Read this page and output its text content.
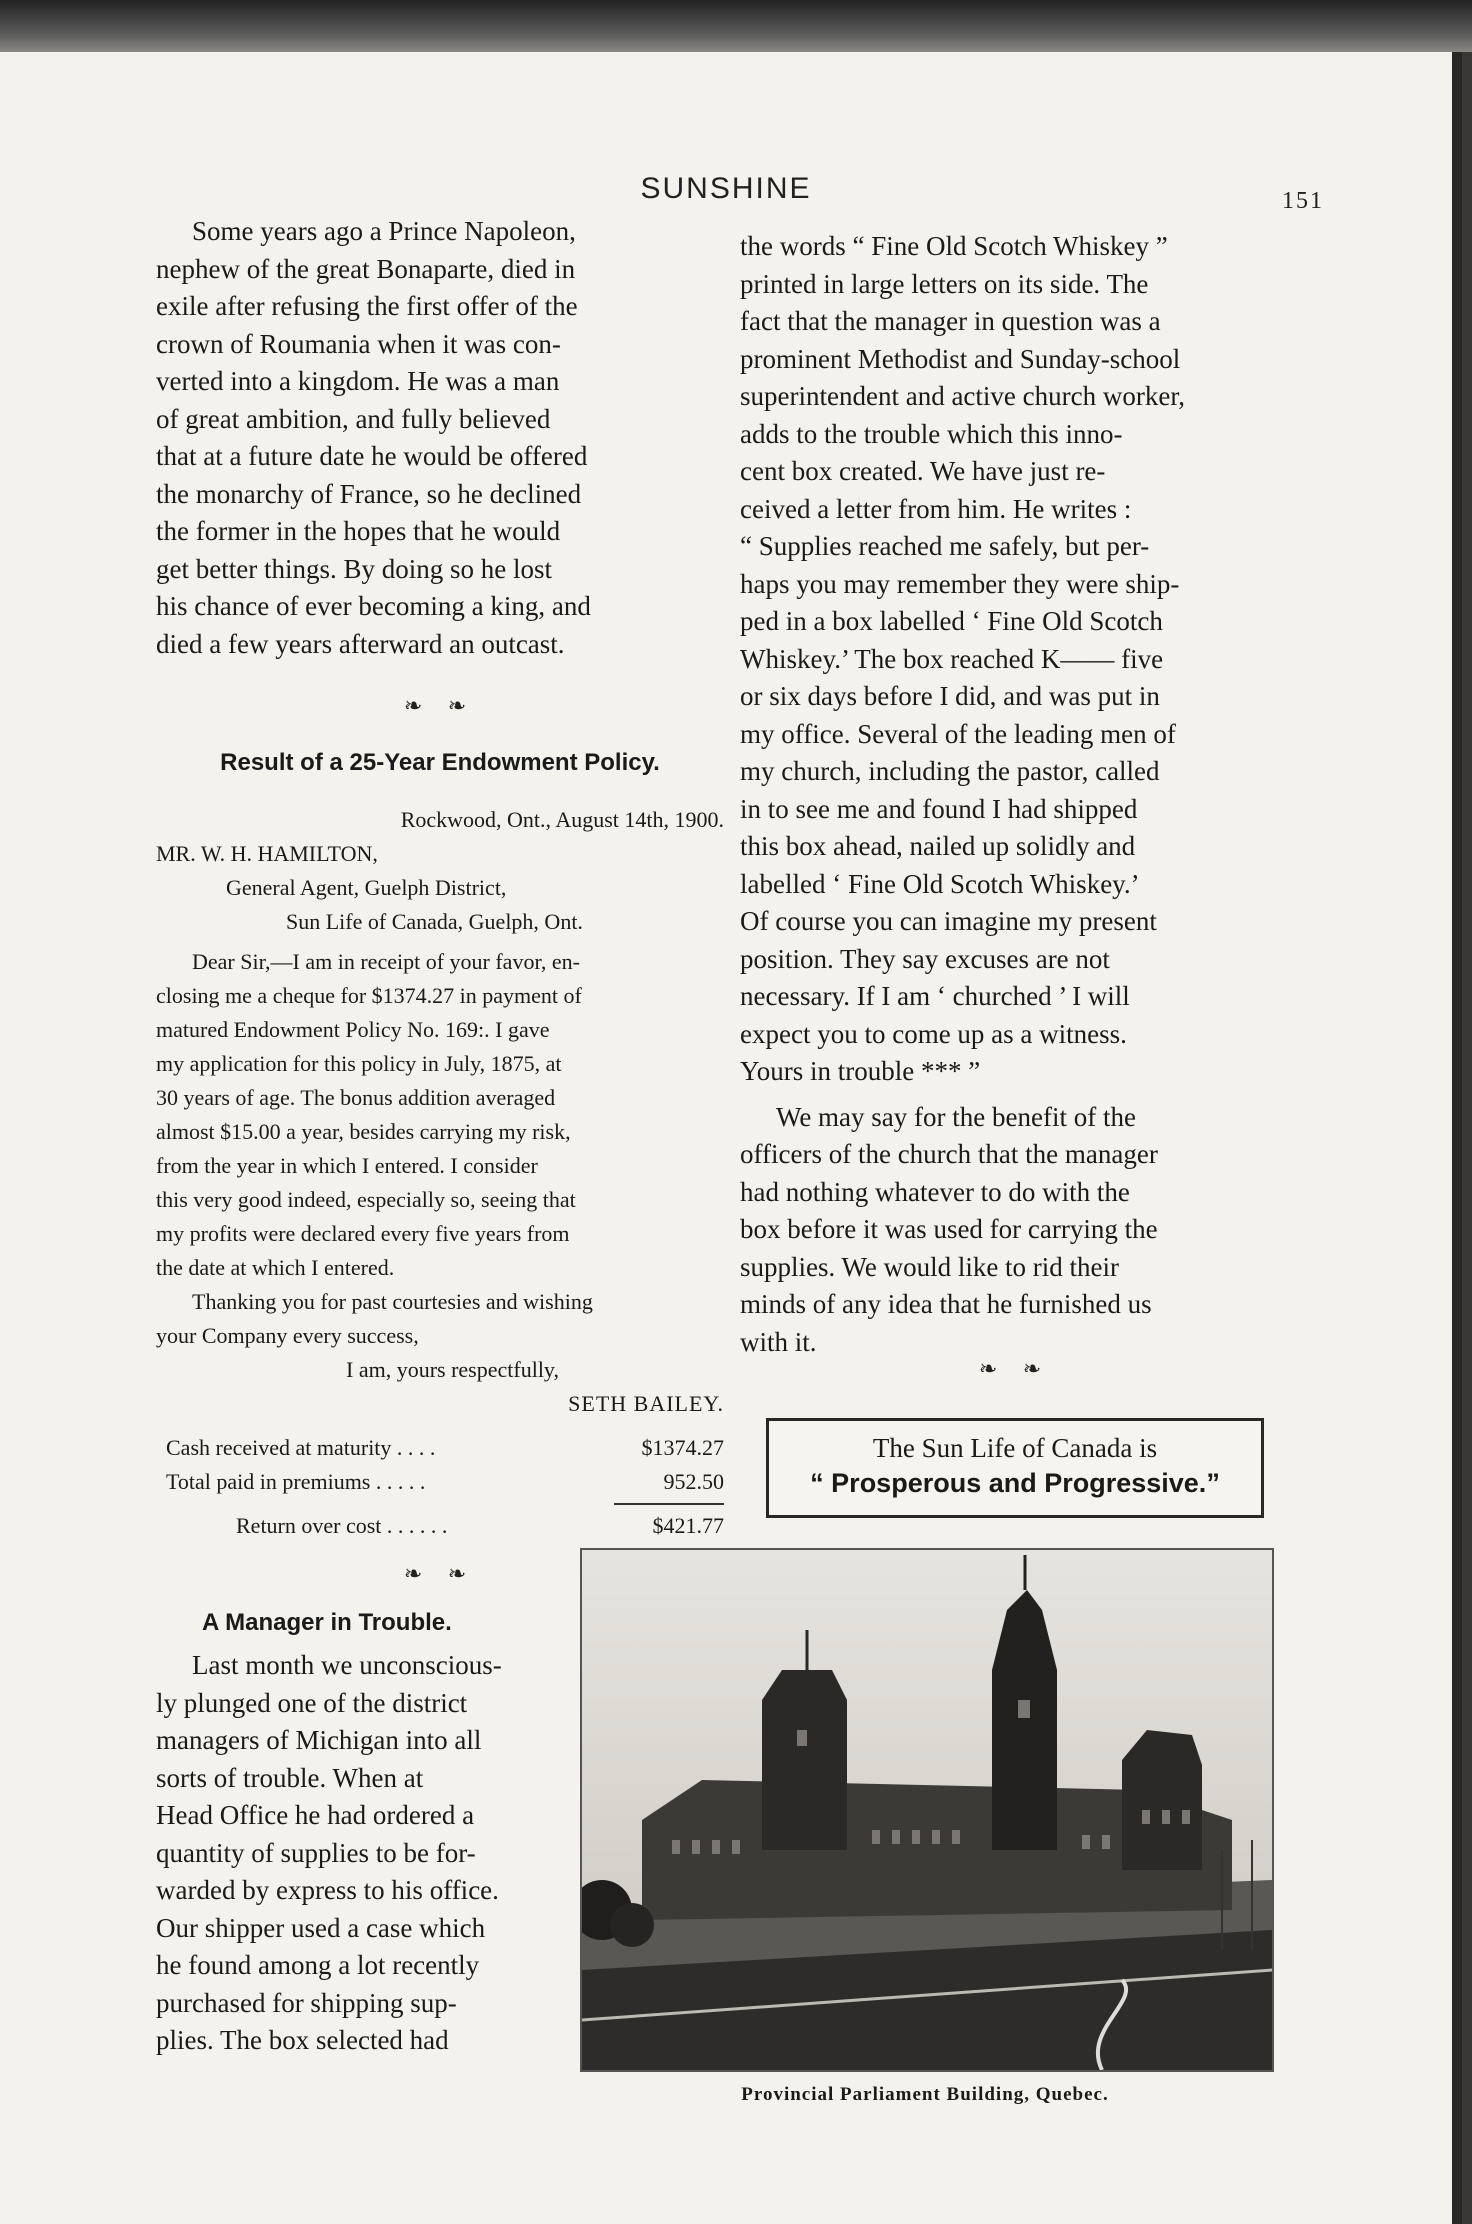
SUNSHINE	151

Some years ago a Prince Napoleon,

nephew of the great Bonaparte, died in

exile after refusing the first offer of the

crown of Roumania when it was con-

verted into a kingdom. He was a man

of great ambition, and fully believed

that at a future date he would be offered

the monarchy of France, so he declined

the former in the hopes that he would

get better things. By doing so he lost

his chance of ever becoming a king, and

died a few years afterward an outcast.

❧ ❧
Result of a 25-Year Endowment Policy.
Rockwood, Ont., August 14th, 1900.
MR. W. H. HAMILTON,
General Agent, Guelph District,
Sun Life of Canada, Guelph, Ont.

Dear Sir,—I am in receipt of your favor, en-

closing me a cheque for $1374.27 in payment of

matured Endowment Policy No. 169:. I gave

my application for this policy in July, 1875, at

30 years of age. The bonus addition averaged

almost $15.00 a year, besides carrying my risk,

from the year in which I entered. I consider

this very good indeed, especially so, seeing that

my profits were declared every five years from

the date at which I entered.

Thanking you for past courtesies and wishing

your Company every success,

I am, yours respectfully,
SETH BAILEY.
Cash received at maturity . . . .	$1374.27
Total paid in premiums . . . . .	952.50
Return over cost . . . . . .	$421.77
❧ ❧
A Manager in Trouble.

Last month we unconscious-

ly plunged one of the district

managers of Michigan into all

sorts of trouble. When at

Head Office he had ordered a

quantity of supplies to be for-

warded by express to his office.

Our shipper used a case which

he found among a lot recently

purchased for shipping sup-

plies. The box selected had

the words “ Fine Old Scotch Whiskey ”

printed in large letters on its side. The

fact that the manager in question was a

prominent Methodist and Sunday-school

superintendent and active church worker,

adds to the trouble which this inno-

cent box created. We have just re-

ceived a letter from him. He writes :

“ Supplies reached me safely, but per-

haps you may remember they were ship-

ped in a box labelled ‘ Fine Old Scotch

Whiskey.’ The box reached K—— five

or six days before I did, and was put in

my office. Several of the leading men of

my church, including the pastor, called

in to see me and found I had shipped

this box ahead, nailed up solidly and

labelled ‘ Fine Old Scotch Whiskey.’

Of course you can imagine my present

position. They say excuses are not

necessary. If I am ‘ churched ’ I will

expect you to come up as a witness.

Yours in trouble *** ”

We may say for the benefit of the

officers of the church that the manager

had nothing whatever to do with the

box before it was used for carrying the

supplies. We would like to rid their

minds of any idea that he furnished us

with it.

❧ ❧
The Sun Life of Canada is
“ Prosperous and Progressive.”
Provincial Parliament Building, Quebec.
